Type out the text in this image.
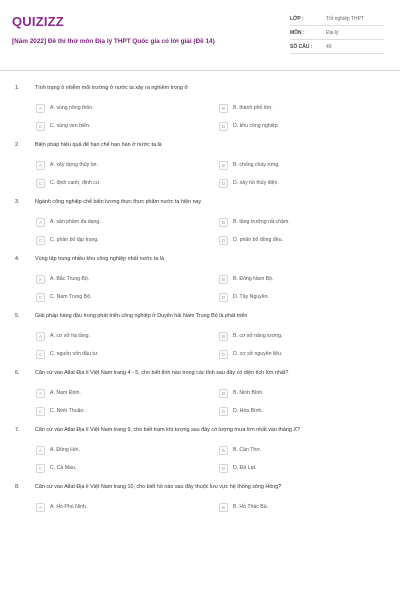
QUIZIZZ
[Năm 2022] Đề thi thử môn Địa lý THPT Quốc gia có lời giải (Đề 14)
LỚP :	Tốt nghiệp THPT
MÔN :	Địa lý
SỐ CÂU :	40
1.	Tình trạng ô nhiễm môi trường ở nước ta xảy ra nghiêm trọng ở
A	A. vùng nông thôn.	B	B. thành phố lớn.
C	C. vùng ven biển.	D	D. khu công nghiệp.
2.	Biện pháp hiệu quả để hạn chế hạn hán ở nước ta là
A	A. xây dựng thủy lợi.	B	B. chống cháy rừng.
C	C. định canh, định cư.	D	D. xây hồ thủy điện.
3.	Ngành công nghiệp chế biến lương thực thực phẩm nước ta hiện nay
A	A. sản phẩm đa dạng.	B	B. tăng trưởng rất chậm.
C	C. phân bố tập trung.	D	D. phân bố đồng đều.
4.	Vùng tập trung nhiều khu công nghiệp nhất nước ta là
A	A. Bắc Trung Bộ.	B	B. Đông Nam Bộ.
C	C. Nam Trung Bộ.	D	D. Tây Nguyên.
5.	Giải pháp hàng đầu trong phát triển công nghiệp ở Duyên hải Nam Trung Bộ là phát triển
A	A. cơ sở hạ tầng.	B	B. cơ sở năng lượng.
C	C. nguồn vốn đầu tư.	D	D. cơ sở nguyên liệu.
6.	Căn cứ vào Atlat Địa lí Việt Nam trang 4 - 5, cho biết tỉnh nào trong các tỉnh sau đây có diện tích lớn nhất?
A	A. Nam Định.	B	B. Ninh Bình.
C	C. Ninh Thuận.	D	D. Hòa Bình.
7.	Căn cứ vào Atlat Địa lí Việt Nam trang 9, cho biết trạm khí tượng sau đây có lượng mưa lớn nhất vào tháng X?
A	A. Đồng Hới.	B	B. Cần Thơ.
C	C. Cà Mau.	D	D. Đà Lạt.
8.	Căn cứ vào Atlat Địa lí Việt Nam trang 10, cho biết hồ nào sau đây thuộc lưu vực hệ thống sông Hồng?
A	A. Hồ Phú Ninh.	B	B. Hồ Thác Bà.
